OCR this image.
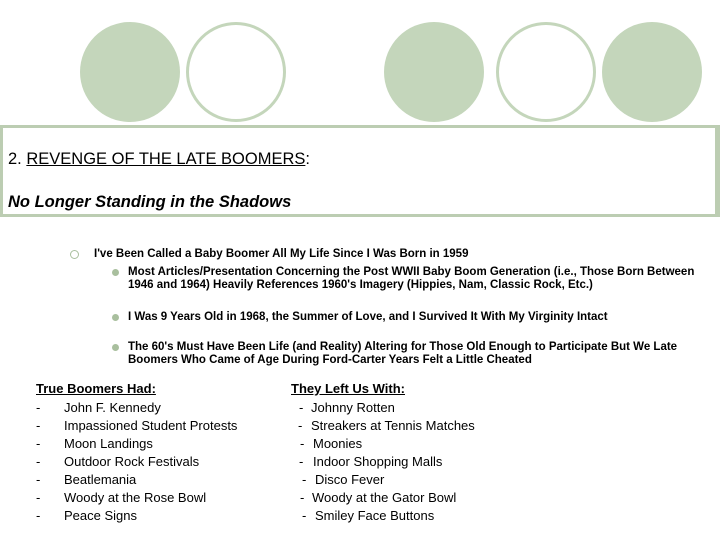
2. REVENGE OF THE LATE BOOMERS:
No Longer Standing in the Shadows
I've Been Called a Baby Boomer All My Life Since I Was Born in 1959
Most Articles/Presentation Concerning the Post WWII Baby Boom Generation (i.e., Those Born Between 1946 and 1964) Heavily References 1960's Imagery (Hippies, Nam, Classic Rock, Etc.)
I Was 9 Years Old in 1968, the Summer of Love, and I Survived It With My Virginity Intact
The 60's Must Have Been Life (and Reality) Altering for Those Old Enough to Participate But We Late Boomers Who Came of Age During Ford-Carter Years Felt a Little Cheated
True Boomers Had:	They Left Us With:
- John F. Kennedy
- Impassioned Student Protests
- Moon Landings
- Outdoor Rock Festivals
- Beatlemania
- Woody at the Rose Bowl
- Peace Signs
- Johnny Rotten
- Streakers at Tennis Matches
- Moonies
- Indoor Shopping Malls
- Disco Fever
- Woody at the Gator Bowl
- Smiley Face Buttons
